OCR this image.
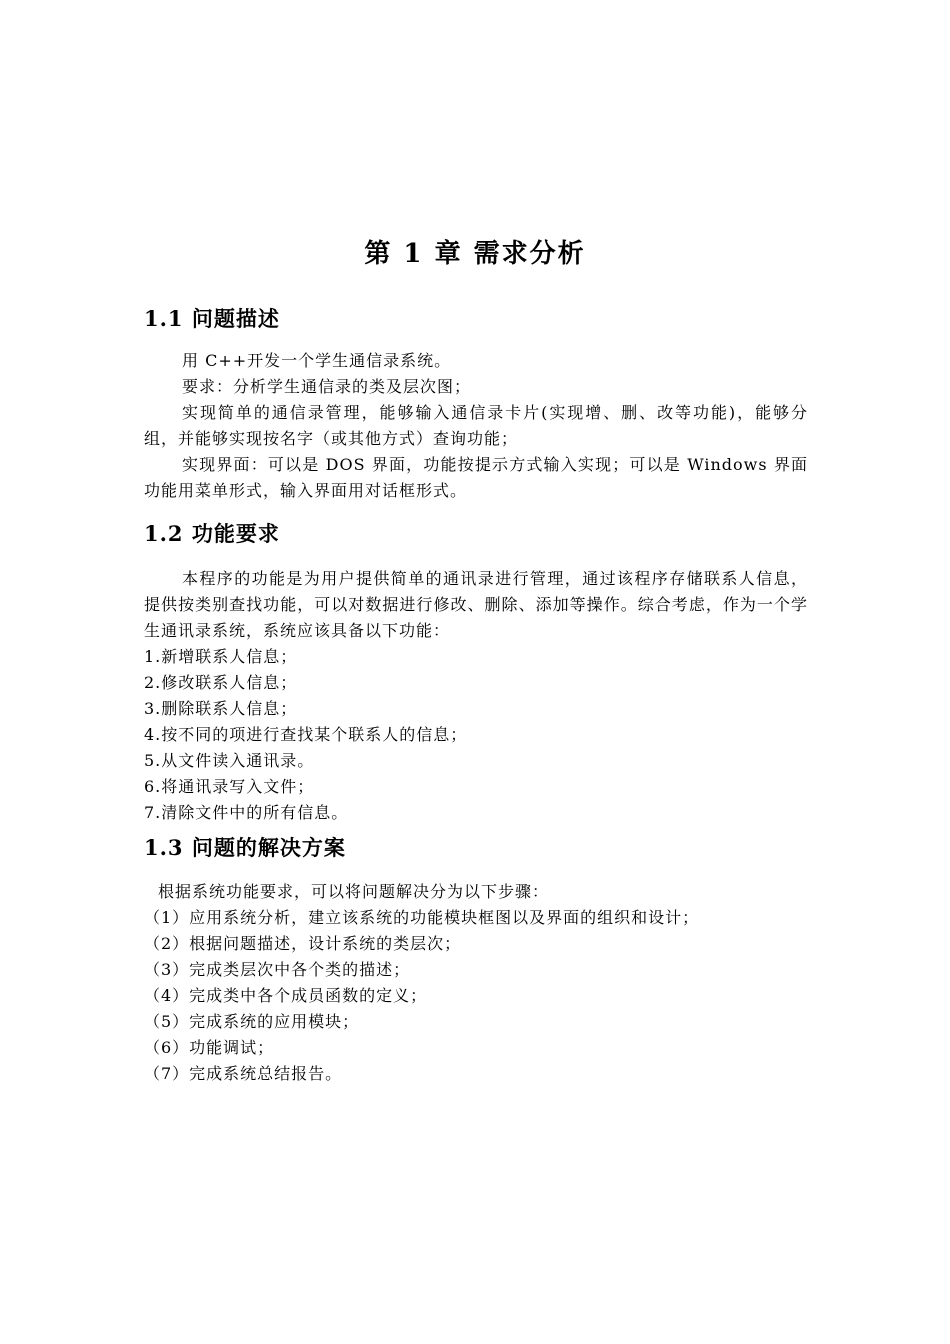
第 1 章 需求分析
1.1 问题描述

用 C++开发一个学生通信录系统。

要求：分析学生通信录的类及层次图；

实现简单的通信录管理，能够输入通信录卡片(实现增、删、改等功能)，能够分组，并能够实现按名字（或其他方式）查询功能；

实现界面：可以是 DOS 界面，功能按提示方式输入实现；可以是 Windows 界面功能用菜单形式，输入界面用对话框形式。

1.2 功能要求

本程序的功能是为用户提供简单的通讯录进行管理，通过该程序存储联系人信息，提供按类别查找功能，可以对数据进行修改、删除、添加等操作。综合考虑，作为一个学生通讯录系统，系统应该具备以下功能：

1.新增联系人信息；

2.修改联系人信息；

3.删除联系人信息；

4.按不同的项进行查找某个联系人的信息；

5.从文件读入通讯录。

6.将通讯录写入文件；

7.清除文件中的所有信息。

1.3 问题的解决方案

根据系统功能要求，可以将问题解决分为以下步骤：

（1）应用系统分析，建立该系统的功能模块框图以及界面的组织和设计；

（2）根据问题描述，设计系统的类层次；

（3）完成类层次中各个类的描述；

（4）完成类中各个成员函数的定义；

（5）完成系统的应用模块；

（6）功能调试；

（7）完成系统总结报告。
